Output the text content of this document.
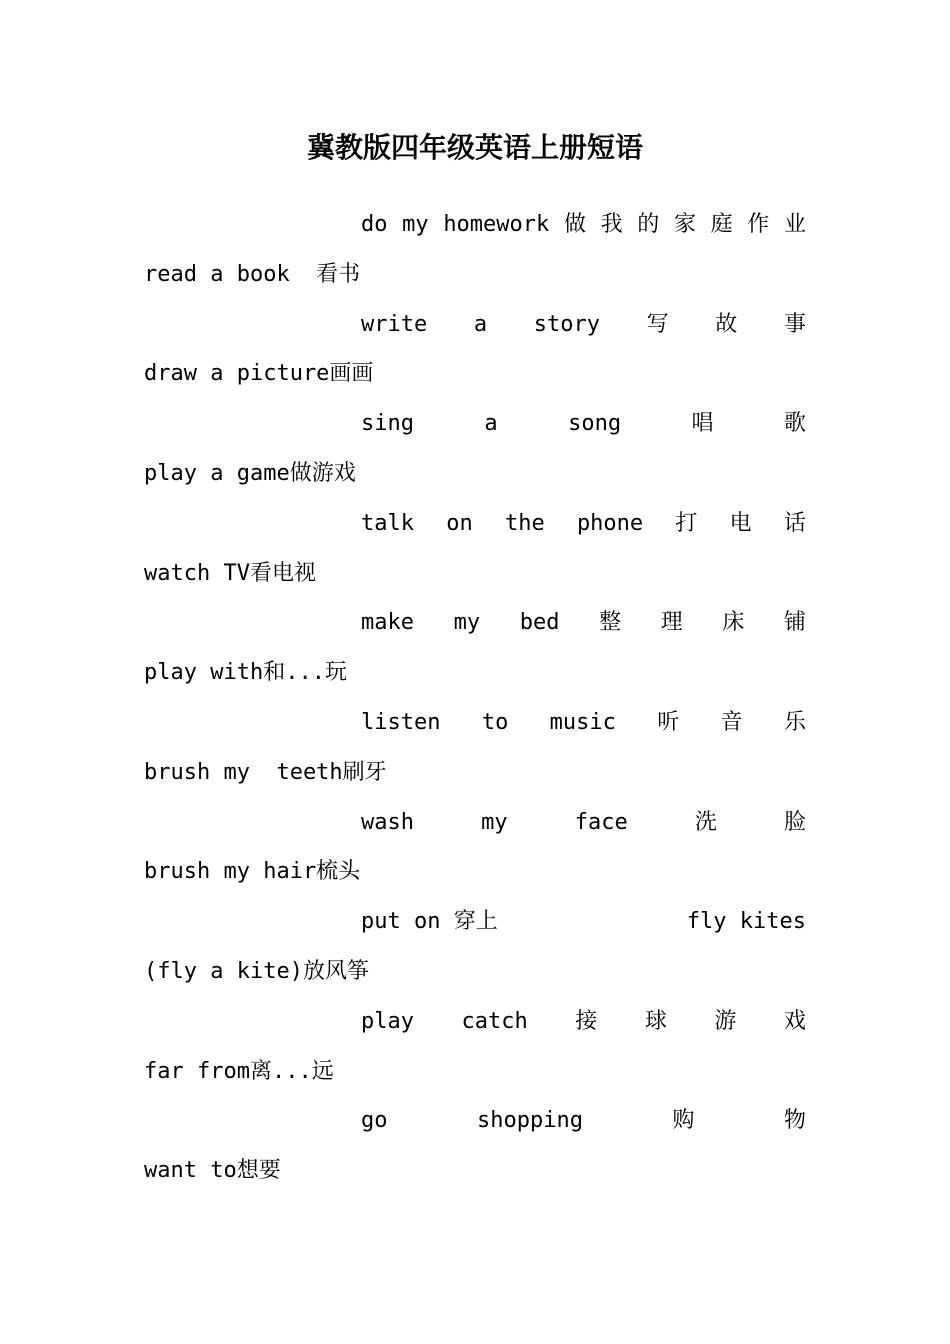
冀教版四年级英语上册短语
do my homework 做 我 的 家 庭 作 业
read a book  看书
write a story 写 故 事
draw a picture画画
sing	a	song	唱	歌
play a game做游戏
talk on the phone 打 电 话
watch TV看电视
make my bed 整 理 床 铺
play with和...玩
listen to music 听 音 乐
brush my  teeth刷牙
wash	my	face	洗	脸
brush my hair梳头
put on 穿上	fly kites
(fly a kite)放风筝
play catch 接 球 游 戏
far from离...远
go	shopping	购	物
want to想要
